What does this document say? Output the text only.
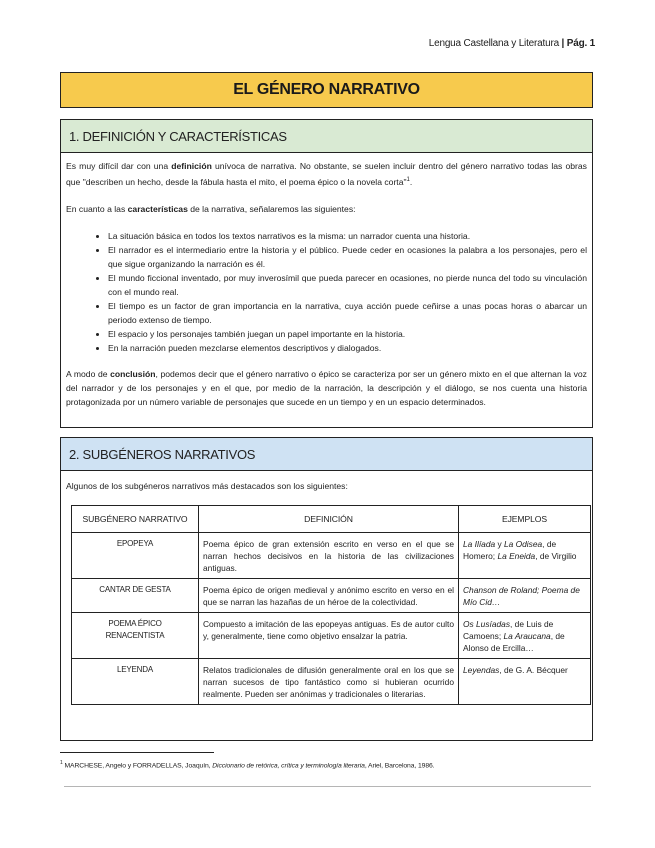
Lengua Castellana y Literatura | Pág. 1
EL GÉNERO NARRATIVO
1. DEFINICIÓN Y CARACTERÍSTICAS

Es muy difícil dar con una definición unívoca de narrativa. No obstante, se suelen incluir dentro del género narrativo todas las obras que "describen un hecho, desde la fábula hasta el mito, el poema épico o la novela corta"$^1$.

En cuanto a las características de la narrativa, señalaremos las siguientes:

• La situación básica en todos los textos narrativos es la misma: un narrador cuenta una historia.
• El narrador es el intermediario entre la historia y el público. Puede ceder en ocasiones la palabra a los personajes, pero el que sigue organizando la narración es él.
• El mundo ficcional inventado, por muy inverosímil que pueda parecer en ocasiones, no pierde nunca del todo su vinculación con el mundo real.
• El tiempo es un factor de gran importancia en la narrativa, cuya acción puede ceñirse a unas pocas horas o abarcar un periodo extenso de tiempo.
• El espacio y los personajes también juegan un papel importante en la historia.
• En la narración pueden mezclarse elementos descriptivos y dialogados.

A modo de conclusión, podemos decir que el género narrativo o épico se caracteriza por ser un género mixto en el que alternan la voz del narrador y de los personajes y en el que, por medio de la narración, la descripción y el diálogo, se nos cuenta una historia protagonizada por un número variable de personajes que sucede en un tiempo y en un espacio determinados.

2. SUBGÉNEROS NARRATIVOS
Algunos de los subgéneros narrativos más destacados son los siguientes:
SUBGÉNERO NARRATIVO	DEFINICIÓN	EJEMPLOS

EPOPEYA	Poema épico de gran extensión escrito en verso en el que se narran hechos decisivos en la historia de las civilizaciones antiguas.	La Ilíada y La Odisea, de Homero; La Eneida, de Virgilio

CANTAR DE GESTA	Poema épico de origen medieval y anónimo escrito en verso en el que se narran las hazañas de un héroe de la colectividad.	Chanson de Roland; Poema de Mío Cid…

POEMA ÉPICO
RENACENTISTA	Compuesto a imitación de las epopeyas antiguas. Es de autor culto y, generalmente, tiene como objetivo ensalzar la patria.	Os Lusíadas, de Luis de Camoens; La Araucana, de Alonso de Ercilla…

LEYENDA	Relatos tradicionales de difusión generalmente oral en los que se narran sucesos de tipo fantástico como si hubieran ocurrido realmente. Pueden ser anónimas y tradicionales o literarias.	Leyendas, de G. A. Bécquer
$^1$ MARCHESE, Angelo y FORRADELLAS, Joaquín, Diccionario de retórica, crítica y terminología literaria, Ariel, Barcelona, 1986.
